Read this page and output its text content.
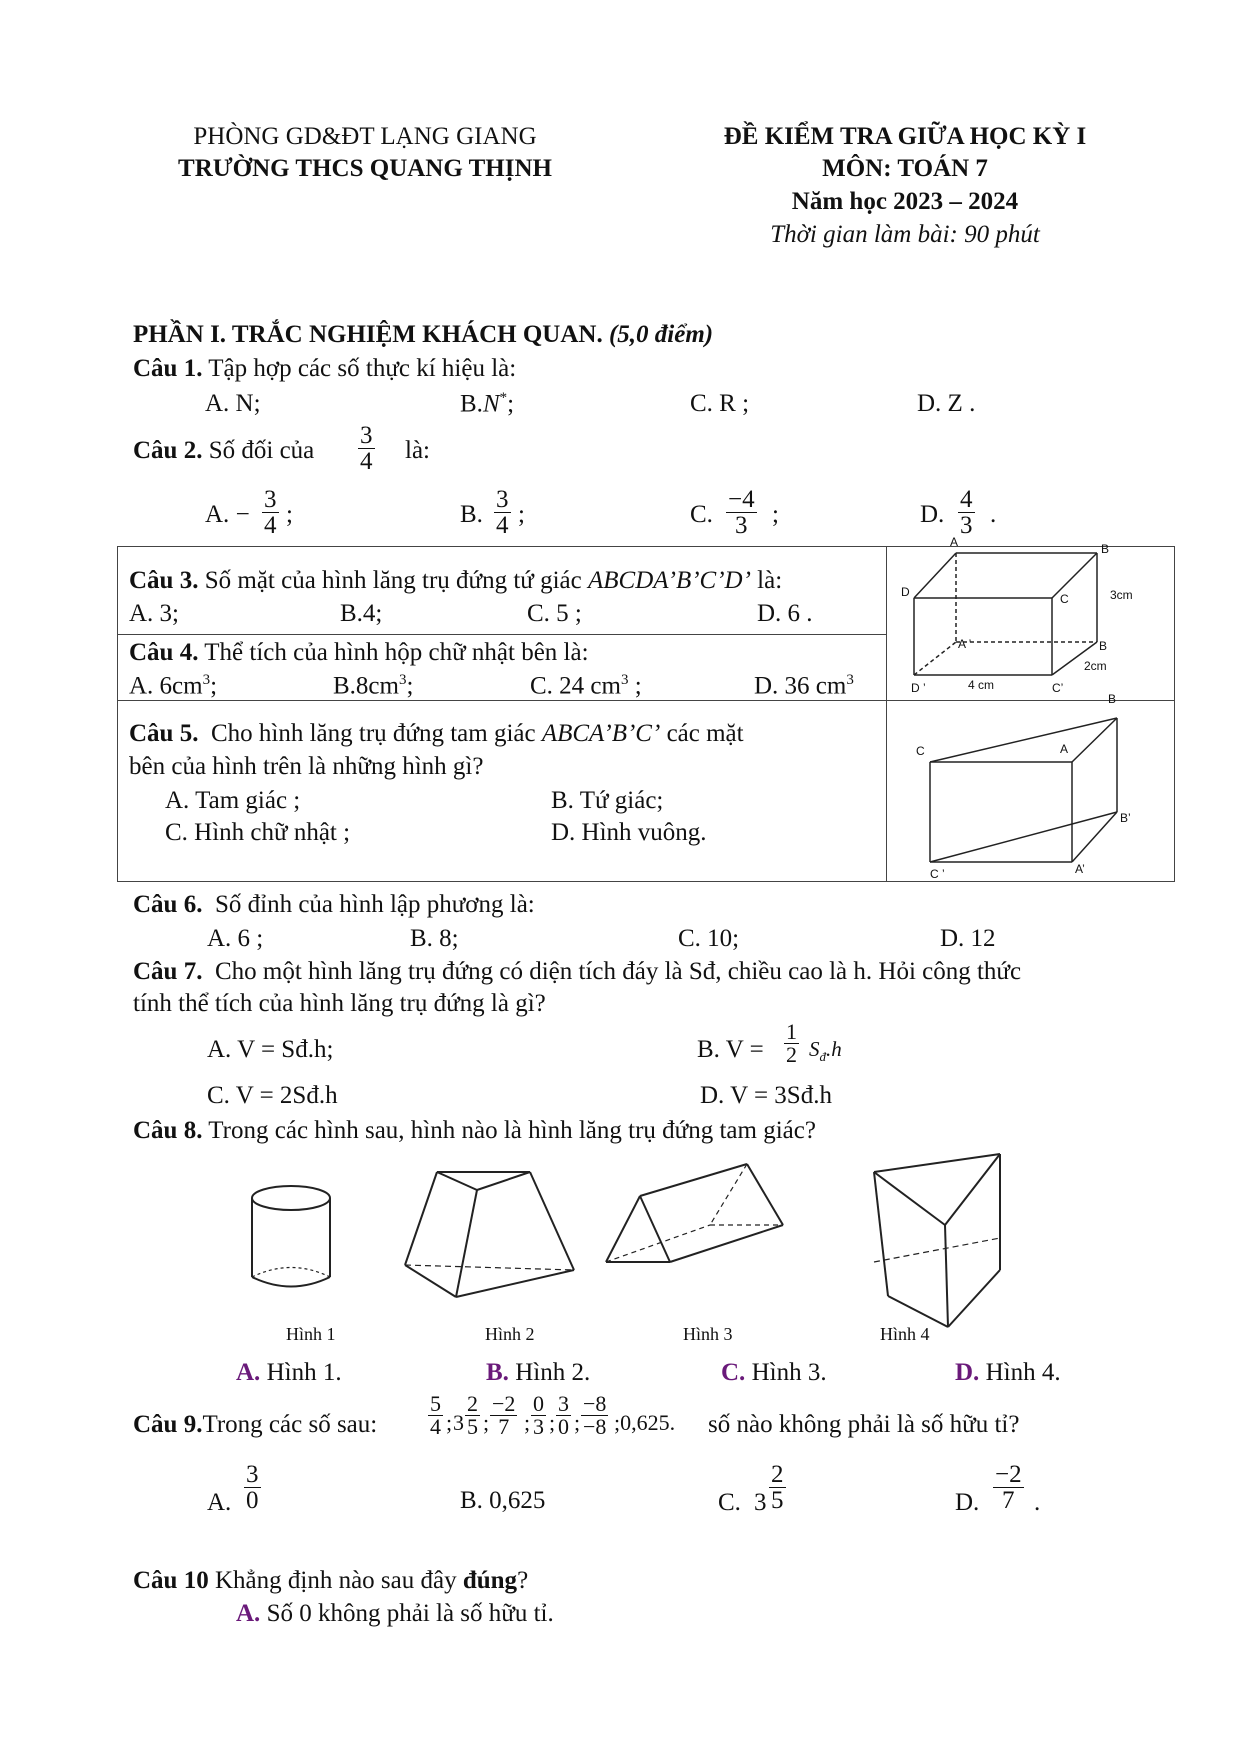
PHÒNG GD&ĐT LẠNG GIANG
TRƯỜNG THCS QUANG THỊNH
ĐỀ KIỂM TRA GIỮA HỌC KỲ I
MÔN: TOÁN 7
Năm học 2023 – 2024
Thời gian làm bài: 90 phút
PHẦN I. TRẮC NGHIỆM KHÁCH QUAN. (5,0 điểm)
Câu 1. Tập hợp các số thực kí hiệu là:
A. N;	B.N*;	C. R ;	D. Z .
Câu 2. Số đối của $\frac{3}{4}$ là:
A. − $\frac{3}{4}$ ;	B. $\frac{3}{4}$ ;	C. $\frac{-4}{3}$ ;	D. $\frac{4}{3}$ .
Câu 3. Số mặt của hình lăng trụ đứng tứ giác ABCDA’B’C’D’ là:
A. 3;	B.4;	C. 5 ;	D. 6 .
Câu 4. Thể tích của hình hộp chữ nhật bên là:
A. $6cm^3$;	$B.8cm^3$;	C. 24 $cm^3$ ;	D. 36 $cm^3$
A	B
C
D	3cm
A ’	B
2cm
D ’	4 cm	C’
Câu 5. Cho hình lăng trụ đứng tam giác ABCA’B’C’ các mặt
bên của hình trên là những hình gì?
A. Tam giác ;	B. Tứ giác;
C. Hình chữ nhật ;	D. Hình vuông.
B
C	A
B’
A’
C ’
Câu 6. Số đỉnh của hình lập phương là:
A. 6 ;	B. 8;	C. 10;	D. 12
Câu 7. Cho một hình lăng trụ đứng có diện tích đáy là Sđ, chiều cao là h. Hỏi công thức
tính thể tích của hình lăng trụ đứng là gì?
A. V = Sđ.h;	B. $V = \frac{1}{2} S_đ.h$
C. V = 2Sđ.h	D. V = 3Sđ.h
Câu 8. Trong các hình sau, hình nào là hình lăng trụ đứng tam giác?
Hình 1	Hình 2	Hình 3	Hình 4
A. Hình 1.	B. Hình 2.	C. Hình 3.	D. Hình 4.
Câu 9.Trong các số sau: $\frac{5}{4}$ ; $3 \frac{2}{5}$ ; $\frac{-2}{7}$ ; $\frac{0}{3}$ ; $\frac{3}{0}$ ; $\frac{-8}{-8}$ ;0,625. số nào không phải là số hữu tỉ?
A. $\frac{3}{0}$	B. 0,625	C. $3 \frac{2}{5}$	D. $\frac{-2}{7}$ .
Câu 10 Khẳng định nào sau đây đúng?
A. Số 0 không phải là số hữu tỉ.
